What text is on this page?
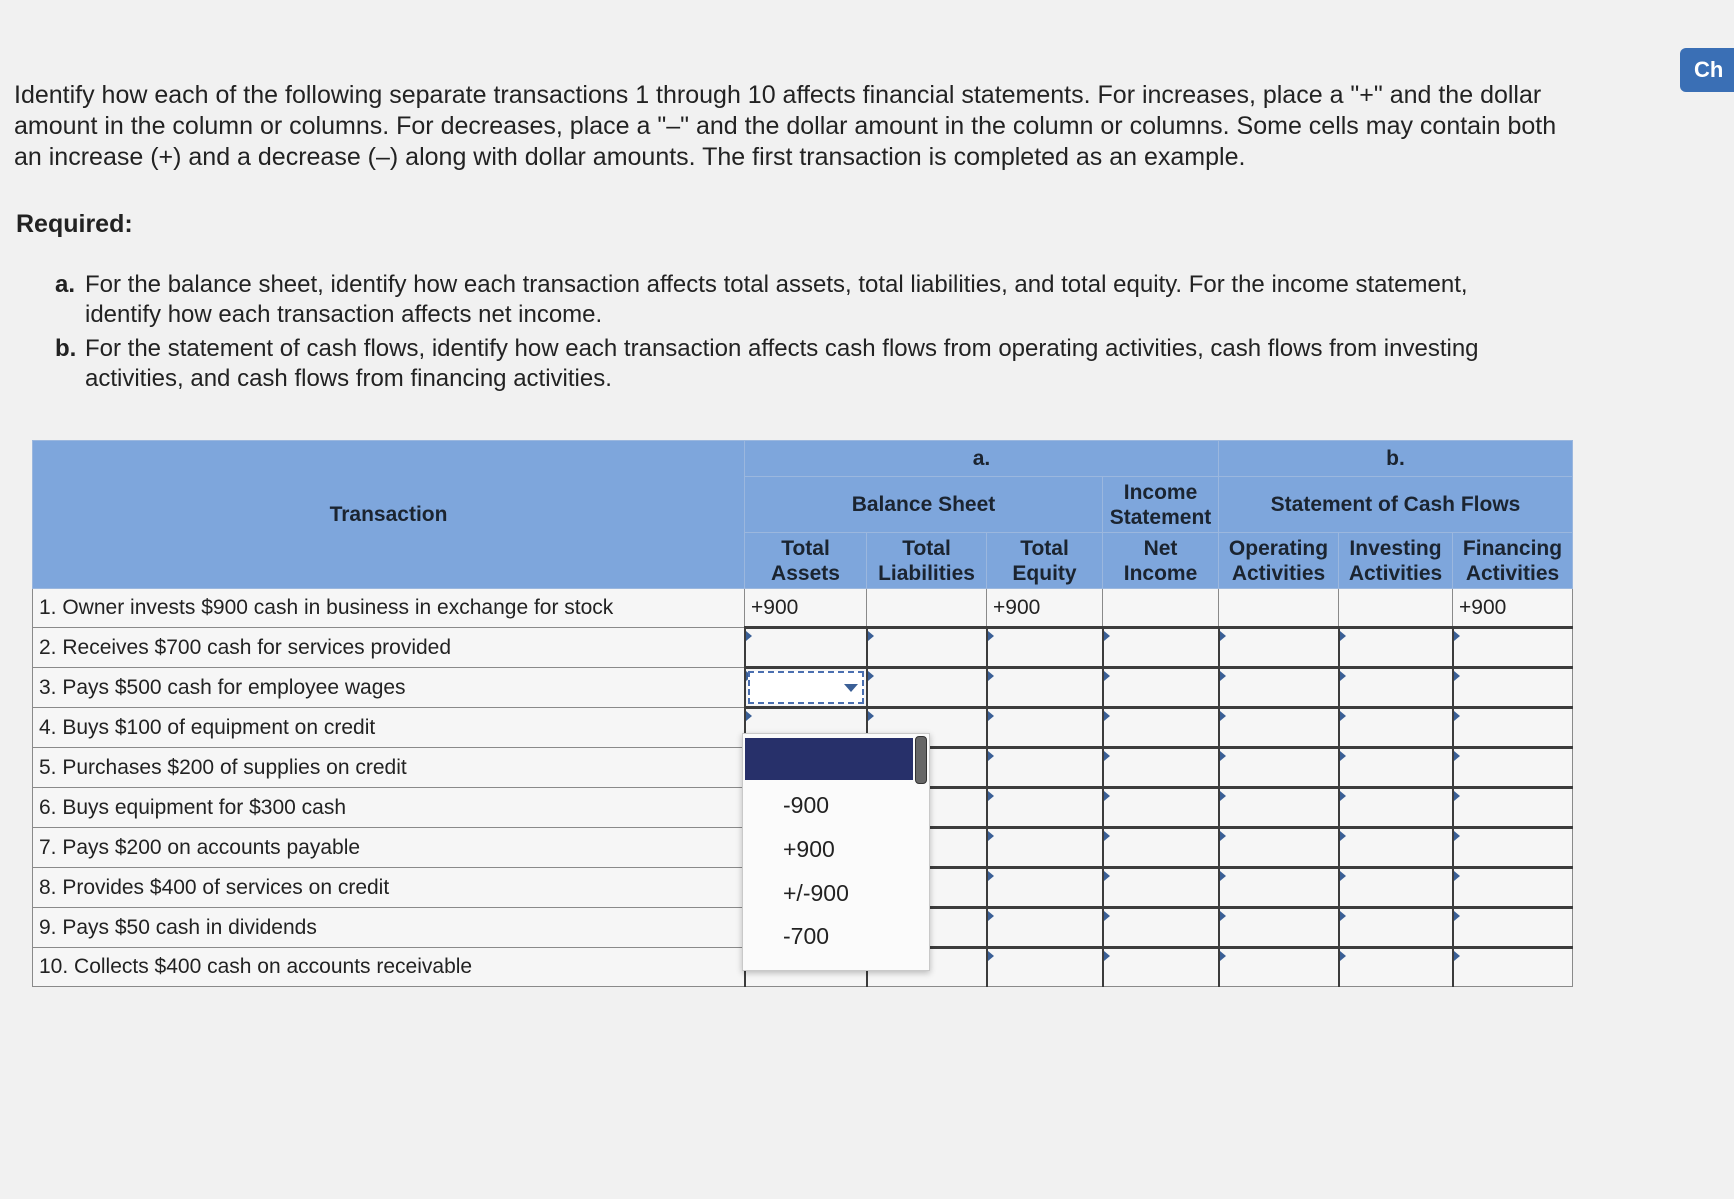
Ch
Identify how each of the following separate transactions 1 through 10 affects financial statements. For increases, place a "+" and the dollar amount in the column or columns. For decreases, place a "–" and the dollar amount in the column or columns. Some cells may contain both an increase (+) and a decrease (–) along with dollar amounts. The first transaction is completed as an example.
Required:
a. For the balance sheet, identify how each transaction affects total assets, total liabilities, and total equity. For the income statement, identify how each transaction affects net income.
b. For the statement of cash flows, identify how each transaction affects cash flows from operating activities, cash flows from investing activities, and cash flows from financing activities.
Transaction	a.				b.		
	Balance Sheet			Income Statement	Statement of Cash Flows		
	Total Assets	Total Liabilities	Total Equity	Net Income	Operating Activities	Investing Activities	Financing Activities
1. Owner invests $900 cash in business in exchange for stock	+900		+900				+900
2. Receives $700 cash for services provided							
3. Pays $500 cash for employee wages	

4. Buys $100 of equipment on credit							
5. Purchases $200 of supplies on credit							
6. Buys equipment for $300 cash							
7. Pays $200 on accounts payable							
8. Provides $400 of services on credit							
9. Pays $50 cash in dividends							
10. Collects $400 cash on accounts receivable							
-900
+900
+/-900
-700
